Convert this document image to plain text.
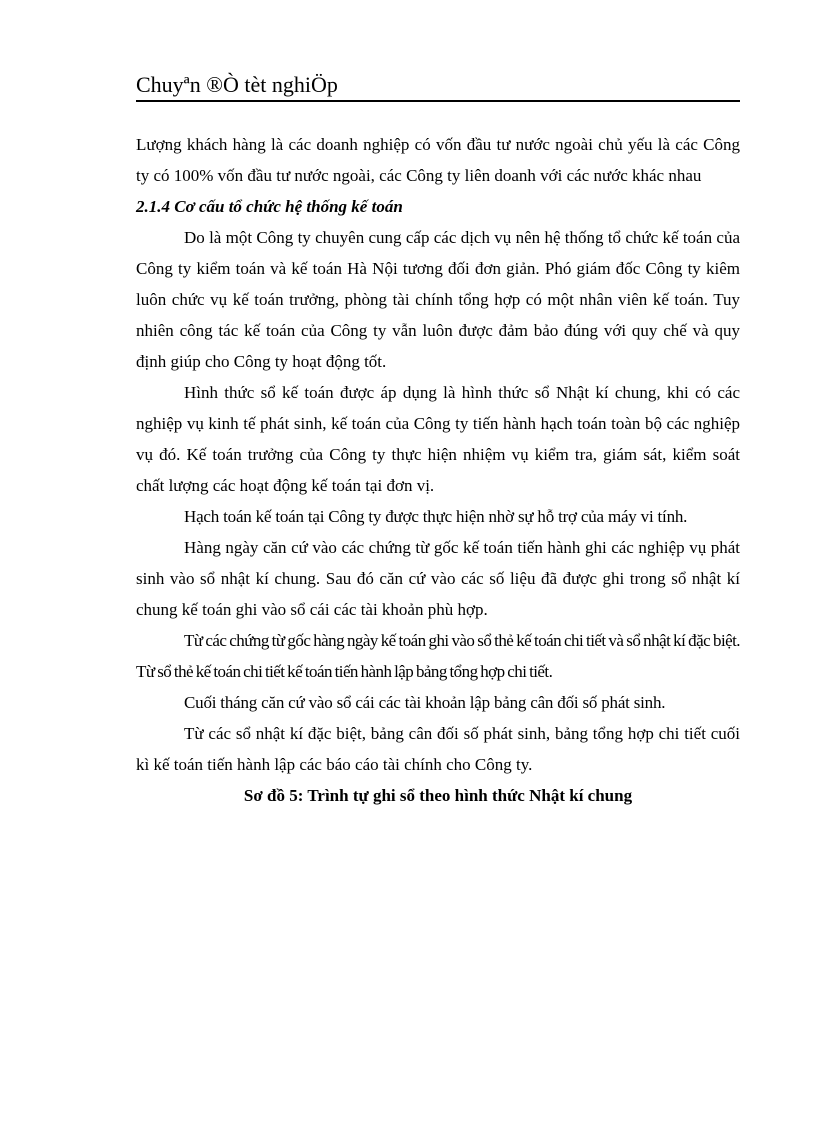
Chuyªn ®Ò tèt nghiÖp

Lượng khách hàng là các doanh nghiệp có vốn đầu tư nước ngoài chủ yếu là các Công ty có 100% vốn đầu tư nước ngoài, các Công ty liên doanh với các nước khác nhau

2.1.4 Cơ cấu tổ chức hệ thống kế toán

Do là một Công ty chuyên cung cấp các dịch vụ nên hệ thống tổ chức kế toán của Công ty kiểm toán và kế toán Hà Nội tương đối đơn giản. Phó giám đốc Công ty kiêm luôn chức vụ kế toán trưởng, phòng tài chính tổng hợp có một nhân viên kế toán. Tuy nhiên công tác kế toán của Công ty vẫn luôn được đảm bảo đúng với quy chế và quy định giúp cho Công ty hoạt động tốt.

Hình thức sổ kế toán được áp dụng là hình thức sổ Nhật kí chung, khi có các nghiệp vụ kinh tế phát sinh, kế toán của Công ty tiến hành hạch toán toàn bộ các nghiệp vụ đó. Kế toán trưởng của Công ty thực hiện nhiệm vụ kiểm tra, giám sát, kiểm soát chất lượng các hoạt động kế toán tại đơn vị.

Hạch toán kế toán tại Công ty được thực hiện nhờ sự hỗ trợ của máy vi tính.

Hàng ngày căn cứ vào các chứng từ gốc kế toán tiến hành ghi các nghiệp vụ phát sinh vào sổ nhật kí chung. Sau đó căn cứ vào các số liệu đã được ghi trong sổ nhật kí chung kế toán ghi vào sổ cái các tài khoản phù hợp.

Từ các chứng từ gốc hàng ngày kế toán ghi vào sổ thẻ kế toán chi tiết và sổ nhật kí đặc biệt. Từ sổ thẻ kế toán chi tiết kế toán tiến hành lập bảng tổng hợp chi tiết.

Cuối tháng căn cứ vào sổ cái các tài khoản lập bảng cân đối số phát sinh.

Từ các sổ nhật kí đặc biệt, bảng cân đối số phát sinh, bảng tổng hợp chi tiết cuối kì kế toán tiến hành lập các báo cáo tài chính cho Công ty.

Sơ đồ 5: Trình tự ghi sổ theo hình thức Nhật kí chung
